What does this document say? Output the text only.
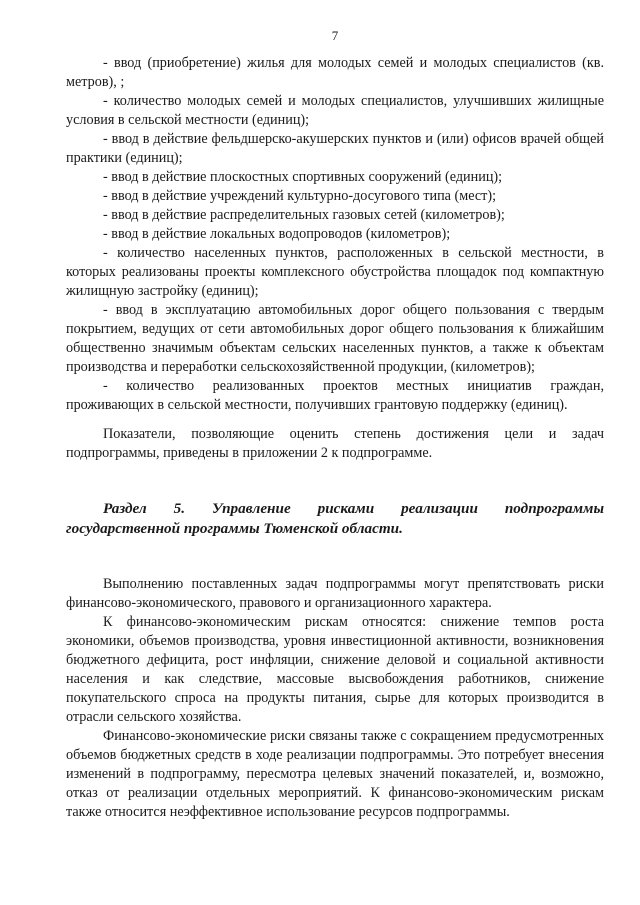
7

- ввод (приобретение) жилья для молодых семей и молодых специалистов (кв. метров), ;

- количество молодых семей и молодых специалистов, улучшивших жилищные условия в сельской местности (единиц);

- ввод в действие фельдшерско-акушерских пунктов и (или) офисов врачей общей практики (единиц);

- ввод в действие плоскостных спортивных сооружений (единиц);

- ввод в действие учреждений культурно-досугового типа (мест);

- ввод в действие распределительных газовых сетей (километров);

- ввод в действие локальных водопроводов (километров);

- количество населенных пунктов, расположенных в сельской местности, в которых реализованы проекты комплексного обустройства площадок под компактную жилищную застройку (единиц);

- ввод в эксплуатацию автомобильных дорог общего пользования с твердым покрытием, ведущих от сети автомобильных дорог общего пользования к ближайшим общественно значимым объектам сельских населенных пунктов, а также к объектам производства и переработки сельскохозяйственной продукции, (километров);

- количество реализованных проектов местных инициатив граждан, проживающих в сельской местности, получивших грантовую поддержку (единиц).

Показатели, позволяющие оценить степень достижения цели и задач подпрограммы, приведены в приложении 2 к подпрограмме.

Раздел 5. Управление рисками реализации подпрограммы государственной программы Тюменской области.

Выполнению поставленных задач подпрограммы могут препятствовать риски финансово-экономического, правового и организационного характера.

К финансово-экономическим рискам относятся: снижение темпов роста экономики, объемов производства, уровня инвестиционной активности, возникновения бюджетного дефицита, рост инфляции, снижение деловой и социальной активности населения и как следствие, массовые высвобождения работников, снижение покупательского спроса на продукты питания, сырье для которых производится в отрасли сельского хозяйства.

Финансово-экономические риски связаны также с сокращением предусмотренных объемов бюджетных средств в ходе реализации подпрограммы. Это потребует внесения изменений в подпрограмму, пересмотра целевых значений показателей, и, возможно, отказ от реализации отдельных мероприятий. К финансово-экономическим рискам также относится неэффективное использование ресурсов подпрограммы.
